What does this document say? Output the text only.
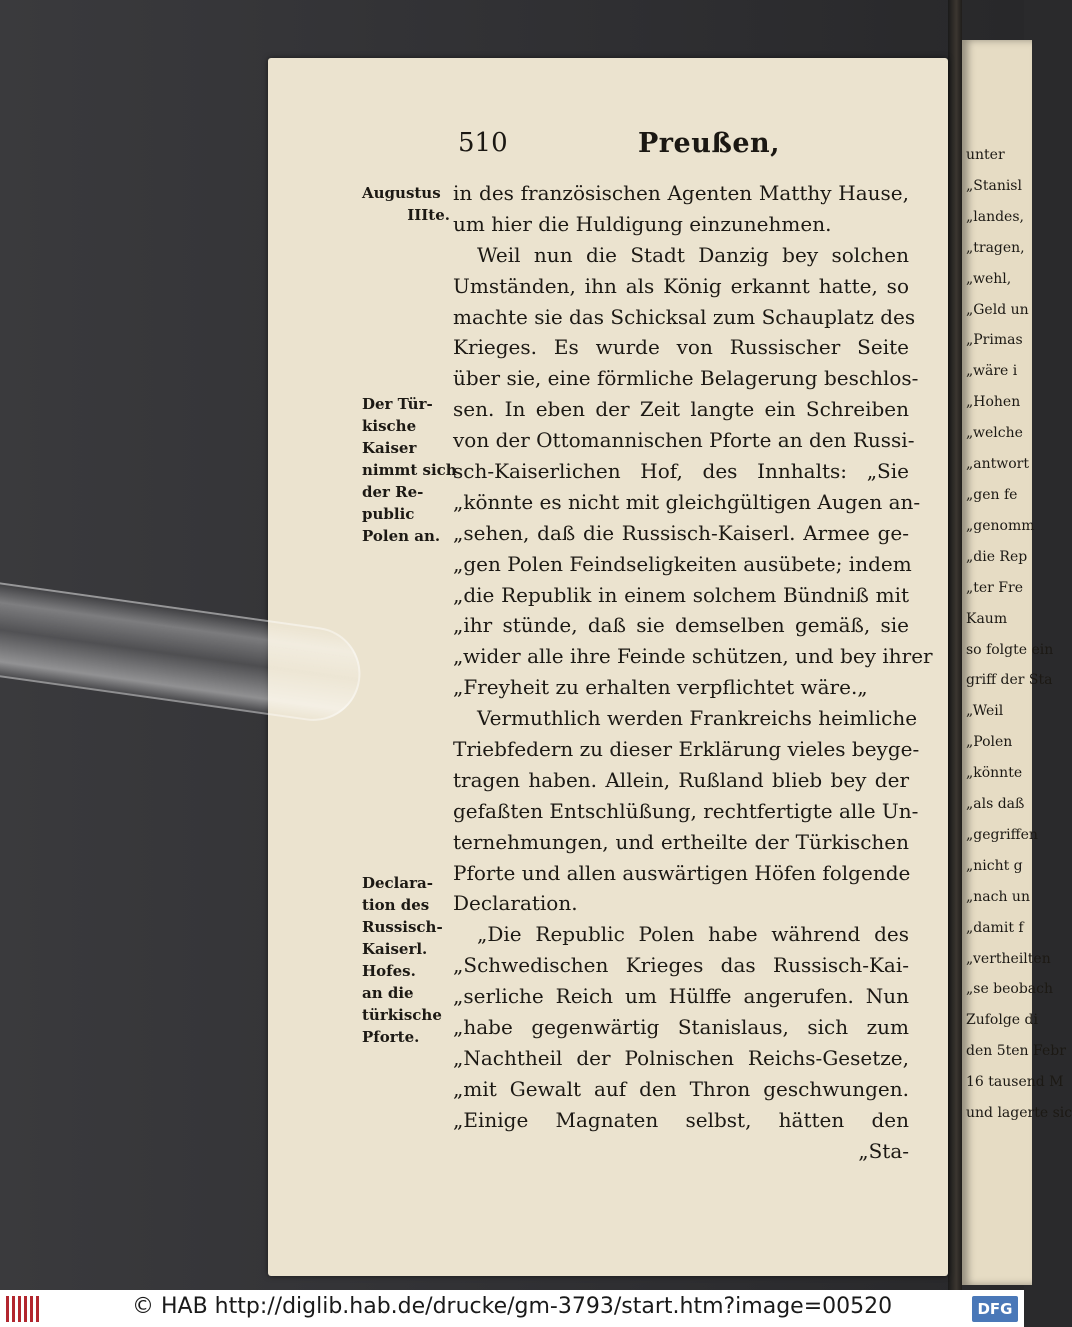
unter
„Stanisl
„landes,
„tragen,
„wehl,
„Geld un
„Primas
„wäre i
„Hohen
„welche
„antwort
„gen fe
„genomm
„die Rep
„ter Fre
Kaum
so folgte ein
griff der Sta
„Weil
„Polen
„könnte
„als daß
„gegriffen
„nicht g
„nach un
„damit f
„vertheilten
„se beobach
Zufolge di
den 5ten Febr
16 tausend M
und lagerte sic
510	Preußen,
Augustus
IIIte.
Der Tür-
kische
Kaiser
nimmt sich
der Re-
public
Polen an.
Declara-
tion des
Russisch-
Kaiserl.
Hofes.
an die
türkische
Pforte.
in des französischen Agenten Matthy Hause,
um hier die Huldigung einzunehmen.
Weil nun die Stadt Danzig bey solchen
Umständen, ihn als König erkannt hatte, so
machte sie das Schicksal zum Schauplatz des
Krieges. Es wurde von Russischer Seite
über sie, eine förmliche Belagerung beschlos-
sen. In eben der Zeit langte ein Schreiben
von der Ottomannischen Pforte an den Russi-
sch-Kaiserlichen Hof, des Innhalts: „Sie
„könnte es nicht mit gleichgültigen Augen an-
„sehen, daß die Russisch-Kaiserl. Armee ge-
„gen Polen Feindseligkeiten ausübete; indem
„die Republik in einem solchem Bündniß mit
„ihr stünde, daß sie demselben gemäß, sie
„wider alle ihre Feinde schützen, und bey ihrer
„Freyheit zu erhalten verpflichtet wäre.„
Vermuthlich werden Frankreichs heimliche
Triebfedern zu dieser Erklärung vieles beyge-
tragen haben. Allein, Rußland blieb bey der
gefaßten Entschlüßung, rechtfertigte alle Un-
ternehmungen, und ertheilte der Türkischen
Pforte und allen auswärtigen Höfen folgende
Declaration.
„Die Republic Polen habe während des
„Schwedischen Krieges das Russisch-Kai-
„serliche Reich um Hülffe angerufen. Nun
„habe gegenwärtig Stanislaus, sich zum
„Nachtheil der Polnischen Reichs-Gesetze,
„mit Gewalt auf den Thron geschwungen.
„Einige Magnaten selbst, hätten den
„Sta-
© HAB http://diglib.hab.de/drucke/gm-3793/start.htm?image=00520	DFG
